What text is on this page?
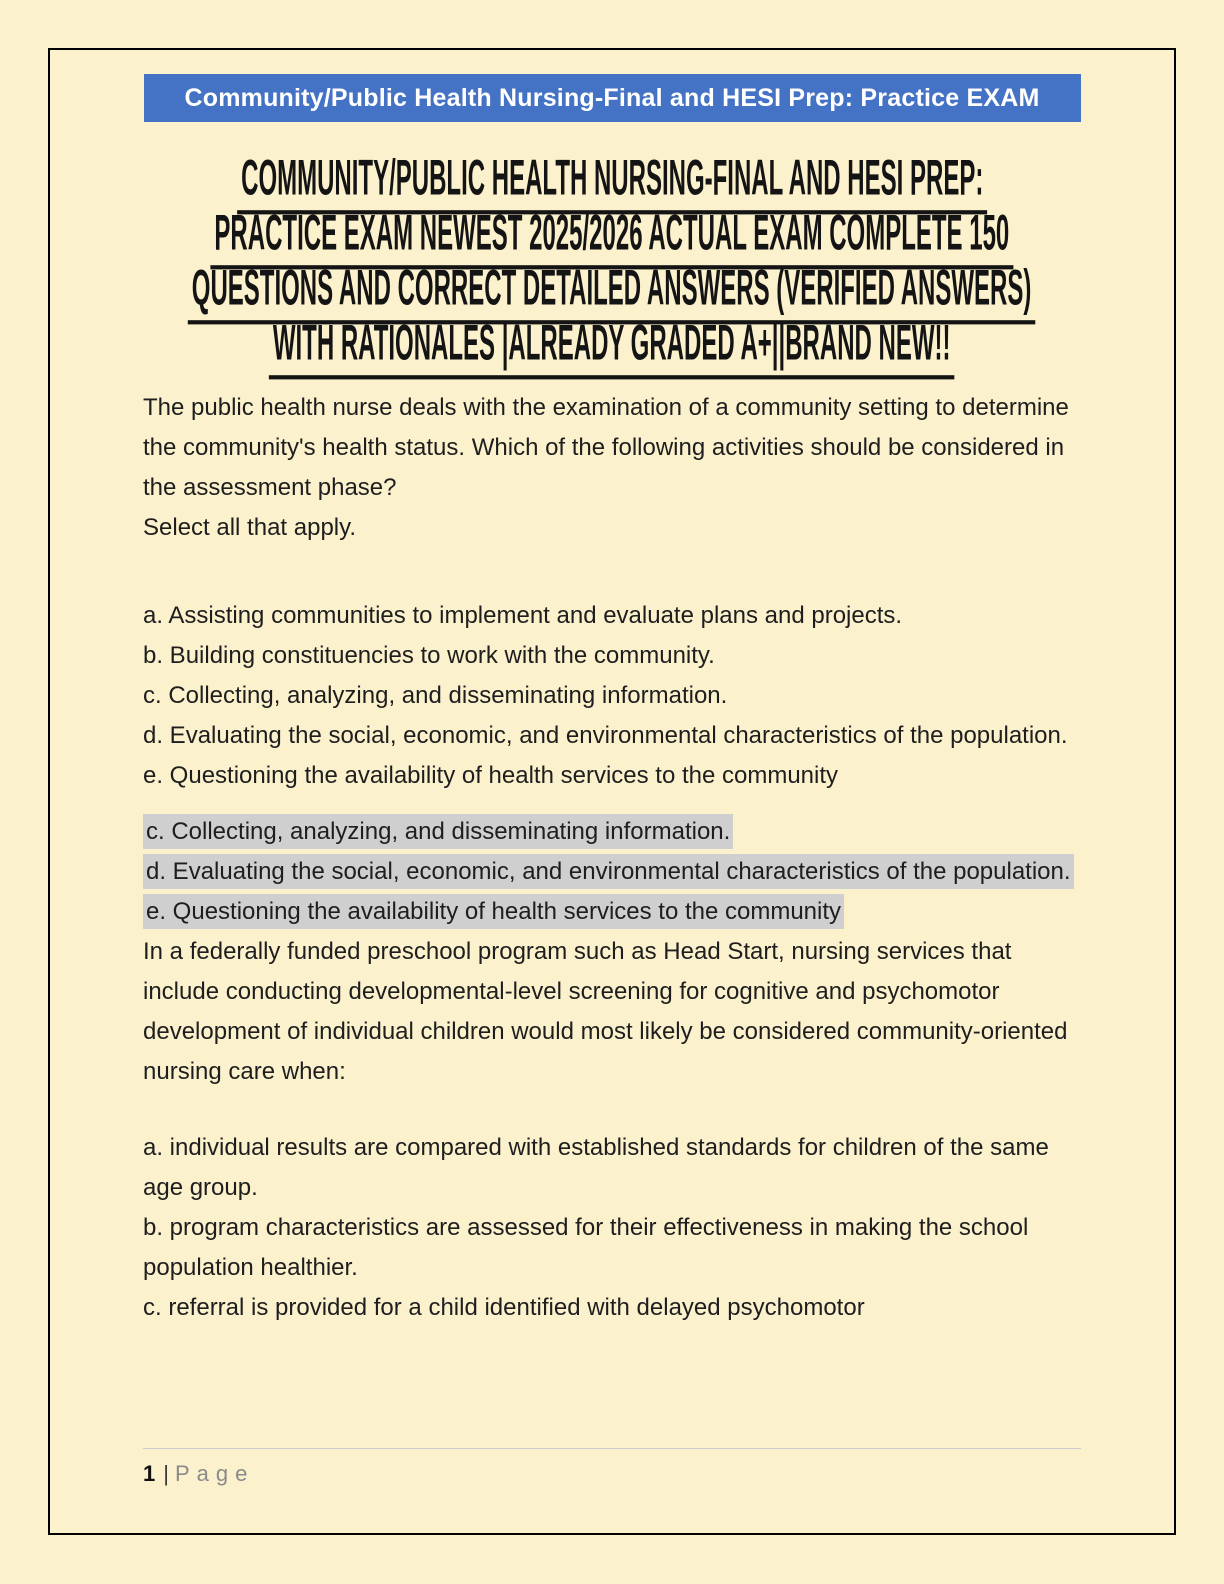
Community/Public Health Nursing-Final and HESI Prep: Practice EXAM
COMMUNITY/PUBLIC HEALTH NURSING-FINAL AND HESI PREP:
PRACTICE EXAM NEWEST 2025/2026 ACTUAL EXAM COMPLETE 150
QUESTIONS AND CORRECT DETAILED ANSWERS (VERIFIED ANSWERS)
WITH RATIONALES |ALREADY GRADED A+||BRAND NEW!!

The public health nurse deals with the examination of a community setting to determine the community's health status. Which of the following activities should be considered in the assessment phase?

Select all that apply.

a. Assisting communities to implement and evaluate plans and projects.
b. Building constituencies to work with the community.
c. Collecting, analyzing, and disseminating information.
d. Evaluating the social, economic, and environmental characteristics of the population.
e. Questioning the availability of health services to the community
c. Collecting, analyzing, and disseminating information.
d. Evaluating the social, economic, and environmental characteristics of the population.
e. Questioning the availability of health services to the community

In a federally funded preschool program such as Head Start, nursing services that include conducting developmental-level screening for cognitive and psychomotor development of individual children would most likely be considered community-oriented nursing care when:

a. individual results are compared with established standards for children of the same age group.
b. program characteristics are assessed for their effectiveness in making the school population healthier.
c. referral is provided for a child identified with delayed psychomotor
1 | Page
